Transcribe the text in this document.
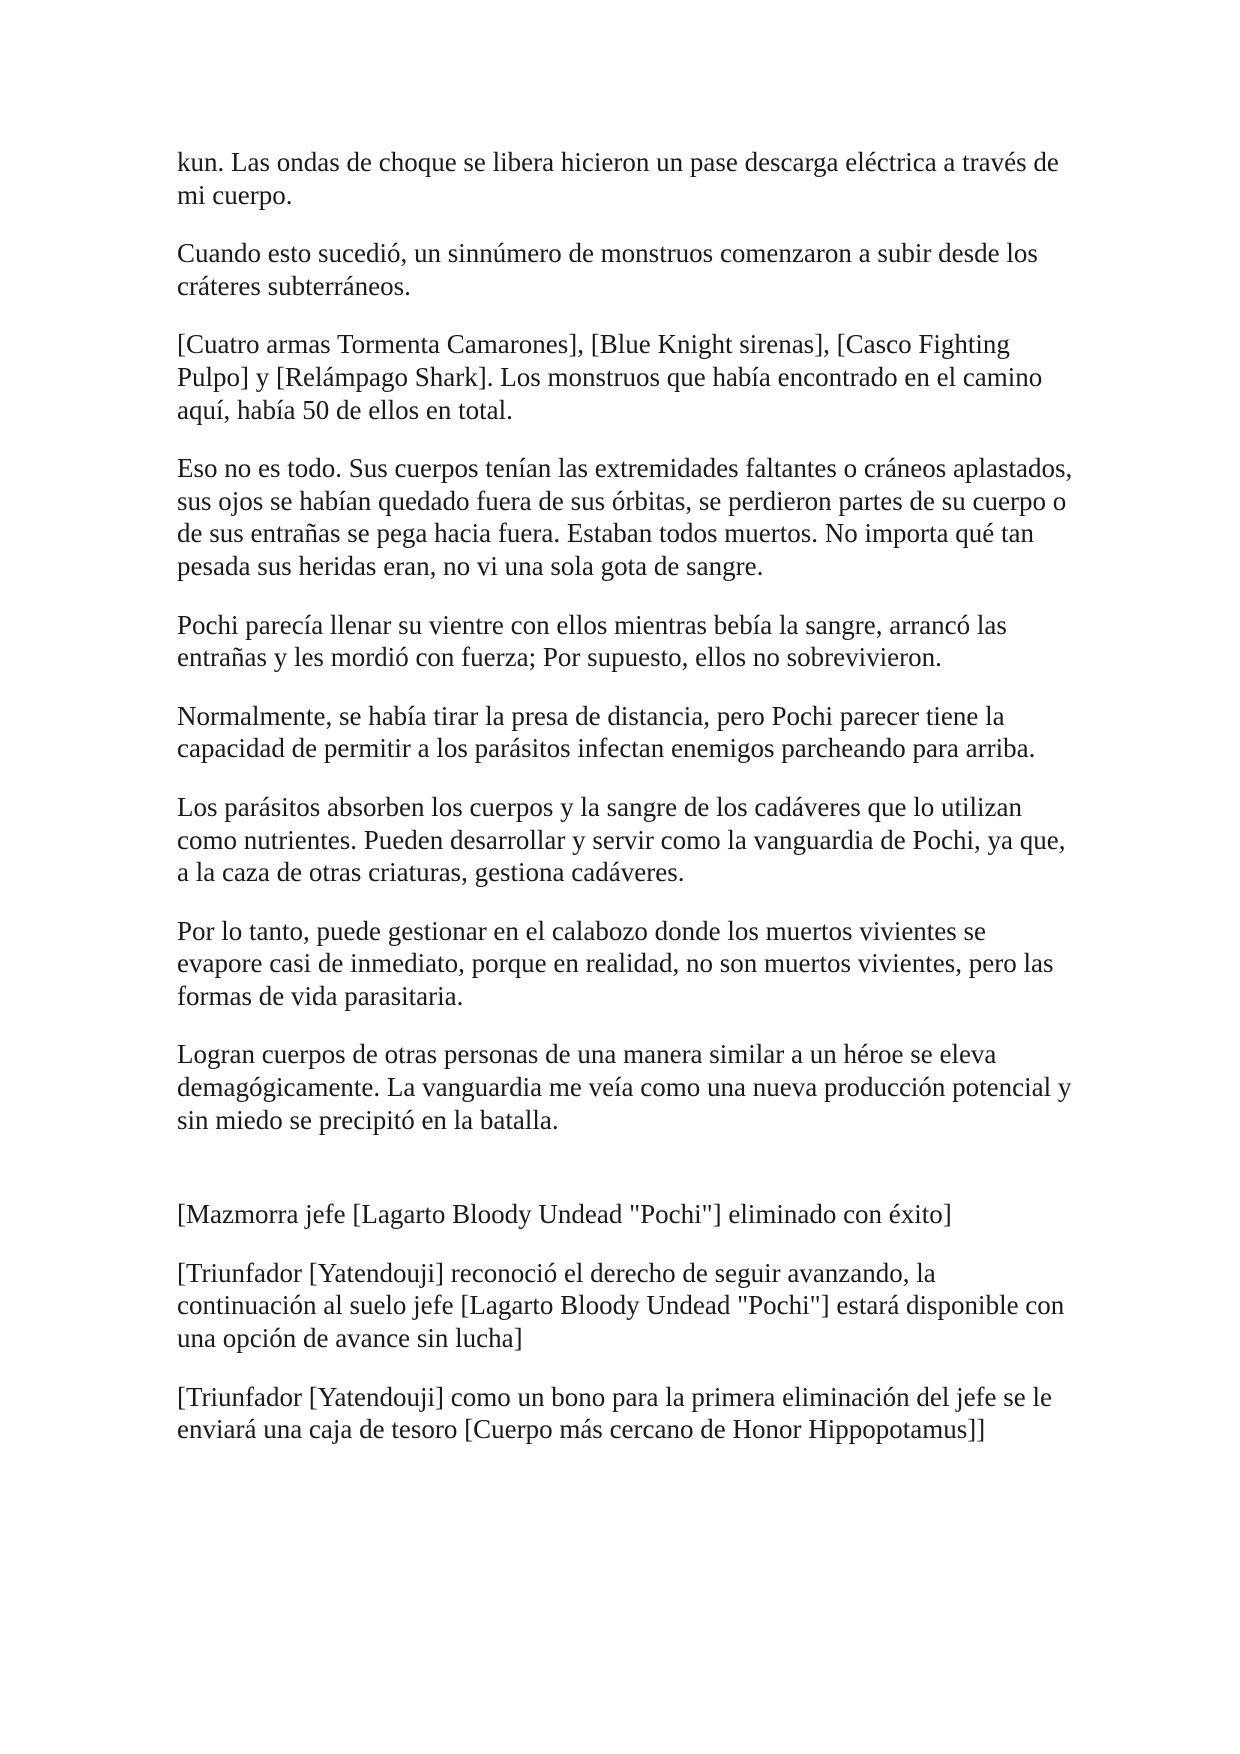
kun. Las ondas de choque se libera hicieron un pase descarga eléctrica a través de mi cuerpo.

Cuando esto sucedió, un sinnúmero de monstruos comenzaron a subir desde los cráteres subterráneos.

[Cuatro armas Tormenta Camarones], [Blue Knight sirenas], [Casco Fighting Pulpo] y [Relámpago Shark]. Los monstruos que había encontrado en el camino aquí, había 50 de ellos en total.

Eso no es todo. Sus cuerpos tenían las extremidades faltantes o cráneos aplastados, sus ojos se habían quedado fuera de sus órbitas, se perdieron partes de su cuerpo o de sus entrañas se pega hacia fuera. Estaban todos muertos. No importa qué tan pesada sus heridas eran, no vi una sola gota de sangre.

Pochi parecía llenar su vientre con ellos mientras bebía la sangre, arrancó las entrañas y les mordió con fuerza; Por supuesto, ellos no sobrevivieron.

Normalmente, se había tirar la presa de distancia, pero Pochi parecer tiene la capacidad de permitir a los parásitos infectan enemigos parcheando para arriba.

Los parásitos absorben los cuerpos y la sangre de los cadáveres que lo utilizan como nutrientes. Pueden desarrollar y servir como la vanguardia de Pochi, ya que, a la caza de otras criaturas, gestiona cadáveres.

Por lo tanto, puede gestionar en el calabozo donde los muertos vivientes se evapore casi de inmediato, porque en realidad, no son muertos vivientes, pero las formas de vida parasitaria.

Logran cuerpos de otras personas de una manera similar a un héroe se eleva demagógicamente. La vanguardia me veía como una nueva producción potencial y sin miedo se precipitó en la batalla.

[Mazmorra jefe [Lagarto Bloody Undead "Pochi"] eliminado con éxito]

[Triunfador [Yatendouji] reconoció el derecho de seguir avanzando, la continuación al suelo jefe [Lagarto Bloody Undead "Pochi"] estará disponible con una opción de avance sin lucha]

[Triunfador [Yatendouji] como un bono para la primera eliminación del jefe se le enviará una caja de tesoro [Cuerpo más cercano de Honor Hippopotamus]]
